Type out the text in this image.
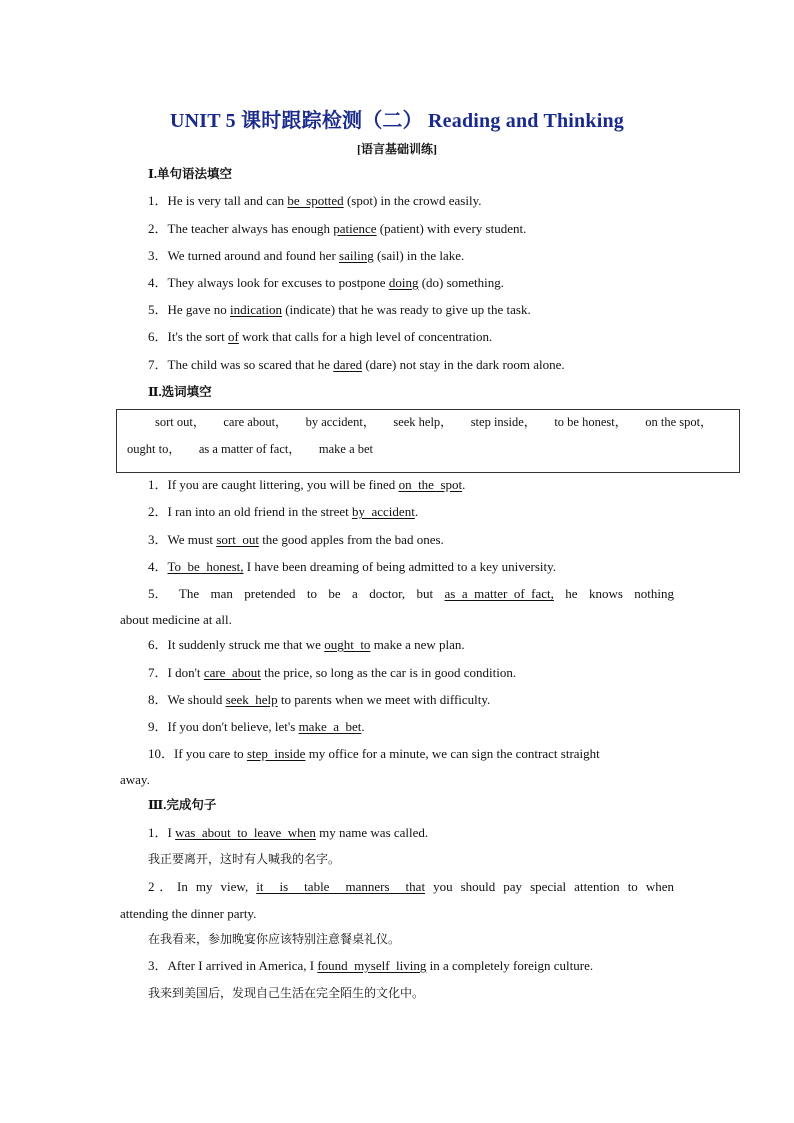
UNIT 5 课时跟踪检测（二） Reading and Thinking
[语言基础训练]
Ⅰ.单句语法填空
1．He is very tall and can be  spotted (spot) in the crowd easily.
2．The teacher always has enough patience (patient) with every student.
3．We turned around and found her sailing (sail) in the lake.
4．They always look for excuses to postpone doing (do) something.
5．He gave no indication (indicate) that he was ready to give up the task.
6．It's the sort of work that calls for a high level of concentration.
7．The child was so scared that he dared (dare) not stay in the dark room alone.
Ⅱ.选词填空
sort out， care about， by accident， seek help， step inside， to be honest， on the spot，
ought to， as a matter of fact， make a bet
1．If you are caught littering, you will be fined on  the  spot.
2．I ran into an old friend in the street by  accident.
3．We must sort  out the good apples from the bad ones.
4．To  be  honest, I have been dreaming of being admitted to a key university.
5． The man pretended to be a doctor, but as  a  matter  of  fact, he knows nothing
about medicine at all.
6．It suddenly struck me that we ought  to make a new plan.
7．I don't care  about the price, so long as the car is in good condition.
8．We should seek  help to parents when we meet with difficulty.
9．If you don't believe, let's make  a  bet.
10．If you care to step  inside my office for a minute, we can sign the contract straight
away.
Ⅲ.完成句子
1．I was  about  to  leave  when my name was called.
我正要离开，这时有人喊我的名字。
2．In my view, it  is  table  manners  that you should pay special attention to when
attending the dinner party.
在我看来，参加晚宴你应该特别注意餐桌礼仪。
3．After I arrived in America, I found  myself  living in a completely foreign culture.
我来到美国后，发现自己生活在完全陌生的文化中。
